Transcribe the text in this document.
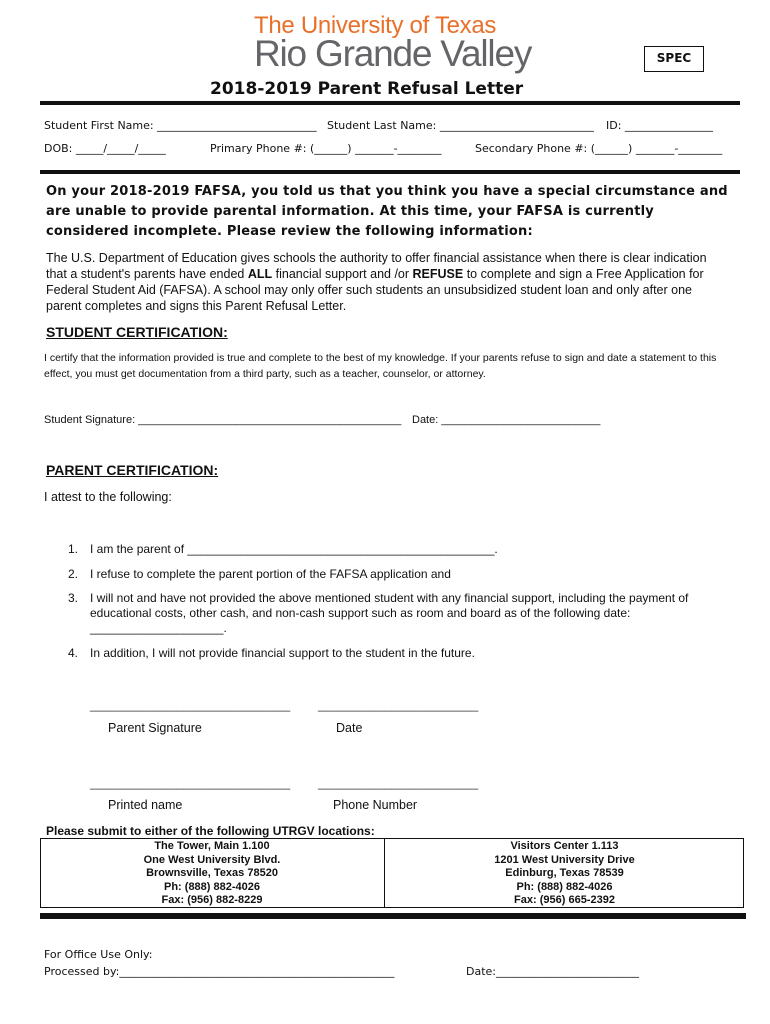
The University of Texas
Rio Grande Valley	SPEC
2018-2019 Parent Refusal Letter
Student First Name: _____________________________ Student Last Name: ____________________________ ID: ________________
DOB: _____/_____/_____	Primary Phone #: (______) _______-________	Secondary Phone #: (______) _______-________
On your 2018-2019 FAFSA, you told us that you think you have a special circumstance and are unable to provide parental information. At this time, your FAFSA is currently considered incomplete. Please review the following information:
The U.S. Department of Education gives schools the authority to offer financial assistance when there is clear indication that a student's parents have ended ALL financial support and /or REFUSE to complete and sign a Free Application for Federal Student Aid (FAFSA). A school may only offer such students an unsubsidized student loan and only after one parent completes and signs this Parent Refusal Letter.
STUDENT CERTIFICATION:
I certify that the information provided is true and complete to the best of my knowledge. If your parents refuse to sign and date a statement to this effect, you must get documentation from a third party, such as a teacher, counselor, or attorney.
Student Signature: ___________________________________________ Date: __________________________
PARENT CERTIFICATION:
I attest to the following:
1. I am the parent of ______________________________________________.
2. I refuse to complete the parent portion of the FAFSA application and
3. I will not and have not provided the above mentioned student with any financial support, including the payment of educational costs, other cash, and non-cash support such as room and board as of the following date: ____________________.
4. In addition, I will not provide financial support to the student in the future.
______________________________ ________________________
Parent Signature	Date
______________________________ ________________________
Printed name	Phone Number
Please submit to either of the following UTRGV locations:
The Tower, Main 1.100
One West University Blvd.
Brownsville, Texas 78520
Ph: (888) 882-4026
Fax: (956) 882-8229
Visitors Center 1.113
1201 West University Drive
Edinburg, Texas 78539
Ph: (888) 882-4026
Fax: (956) 665-2392
For Office Use Only:
Processed by:__________________________________________________	Date:__________________________
